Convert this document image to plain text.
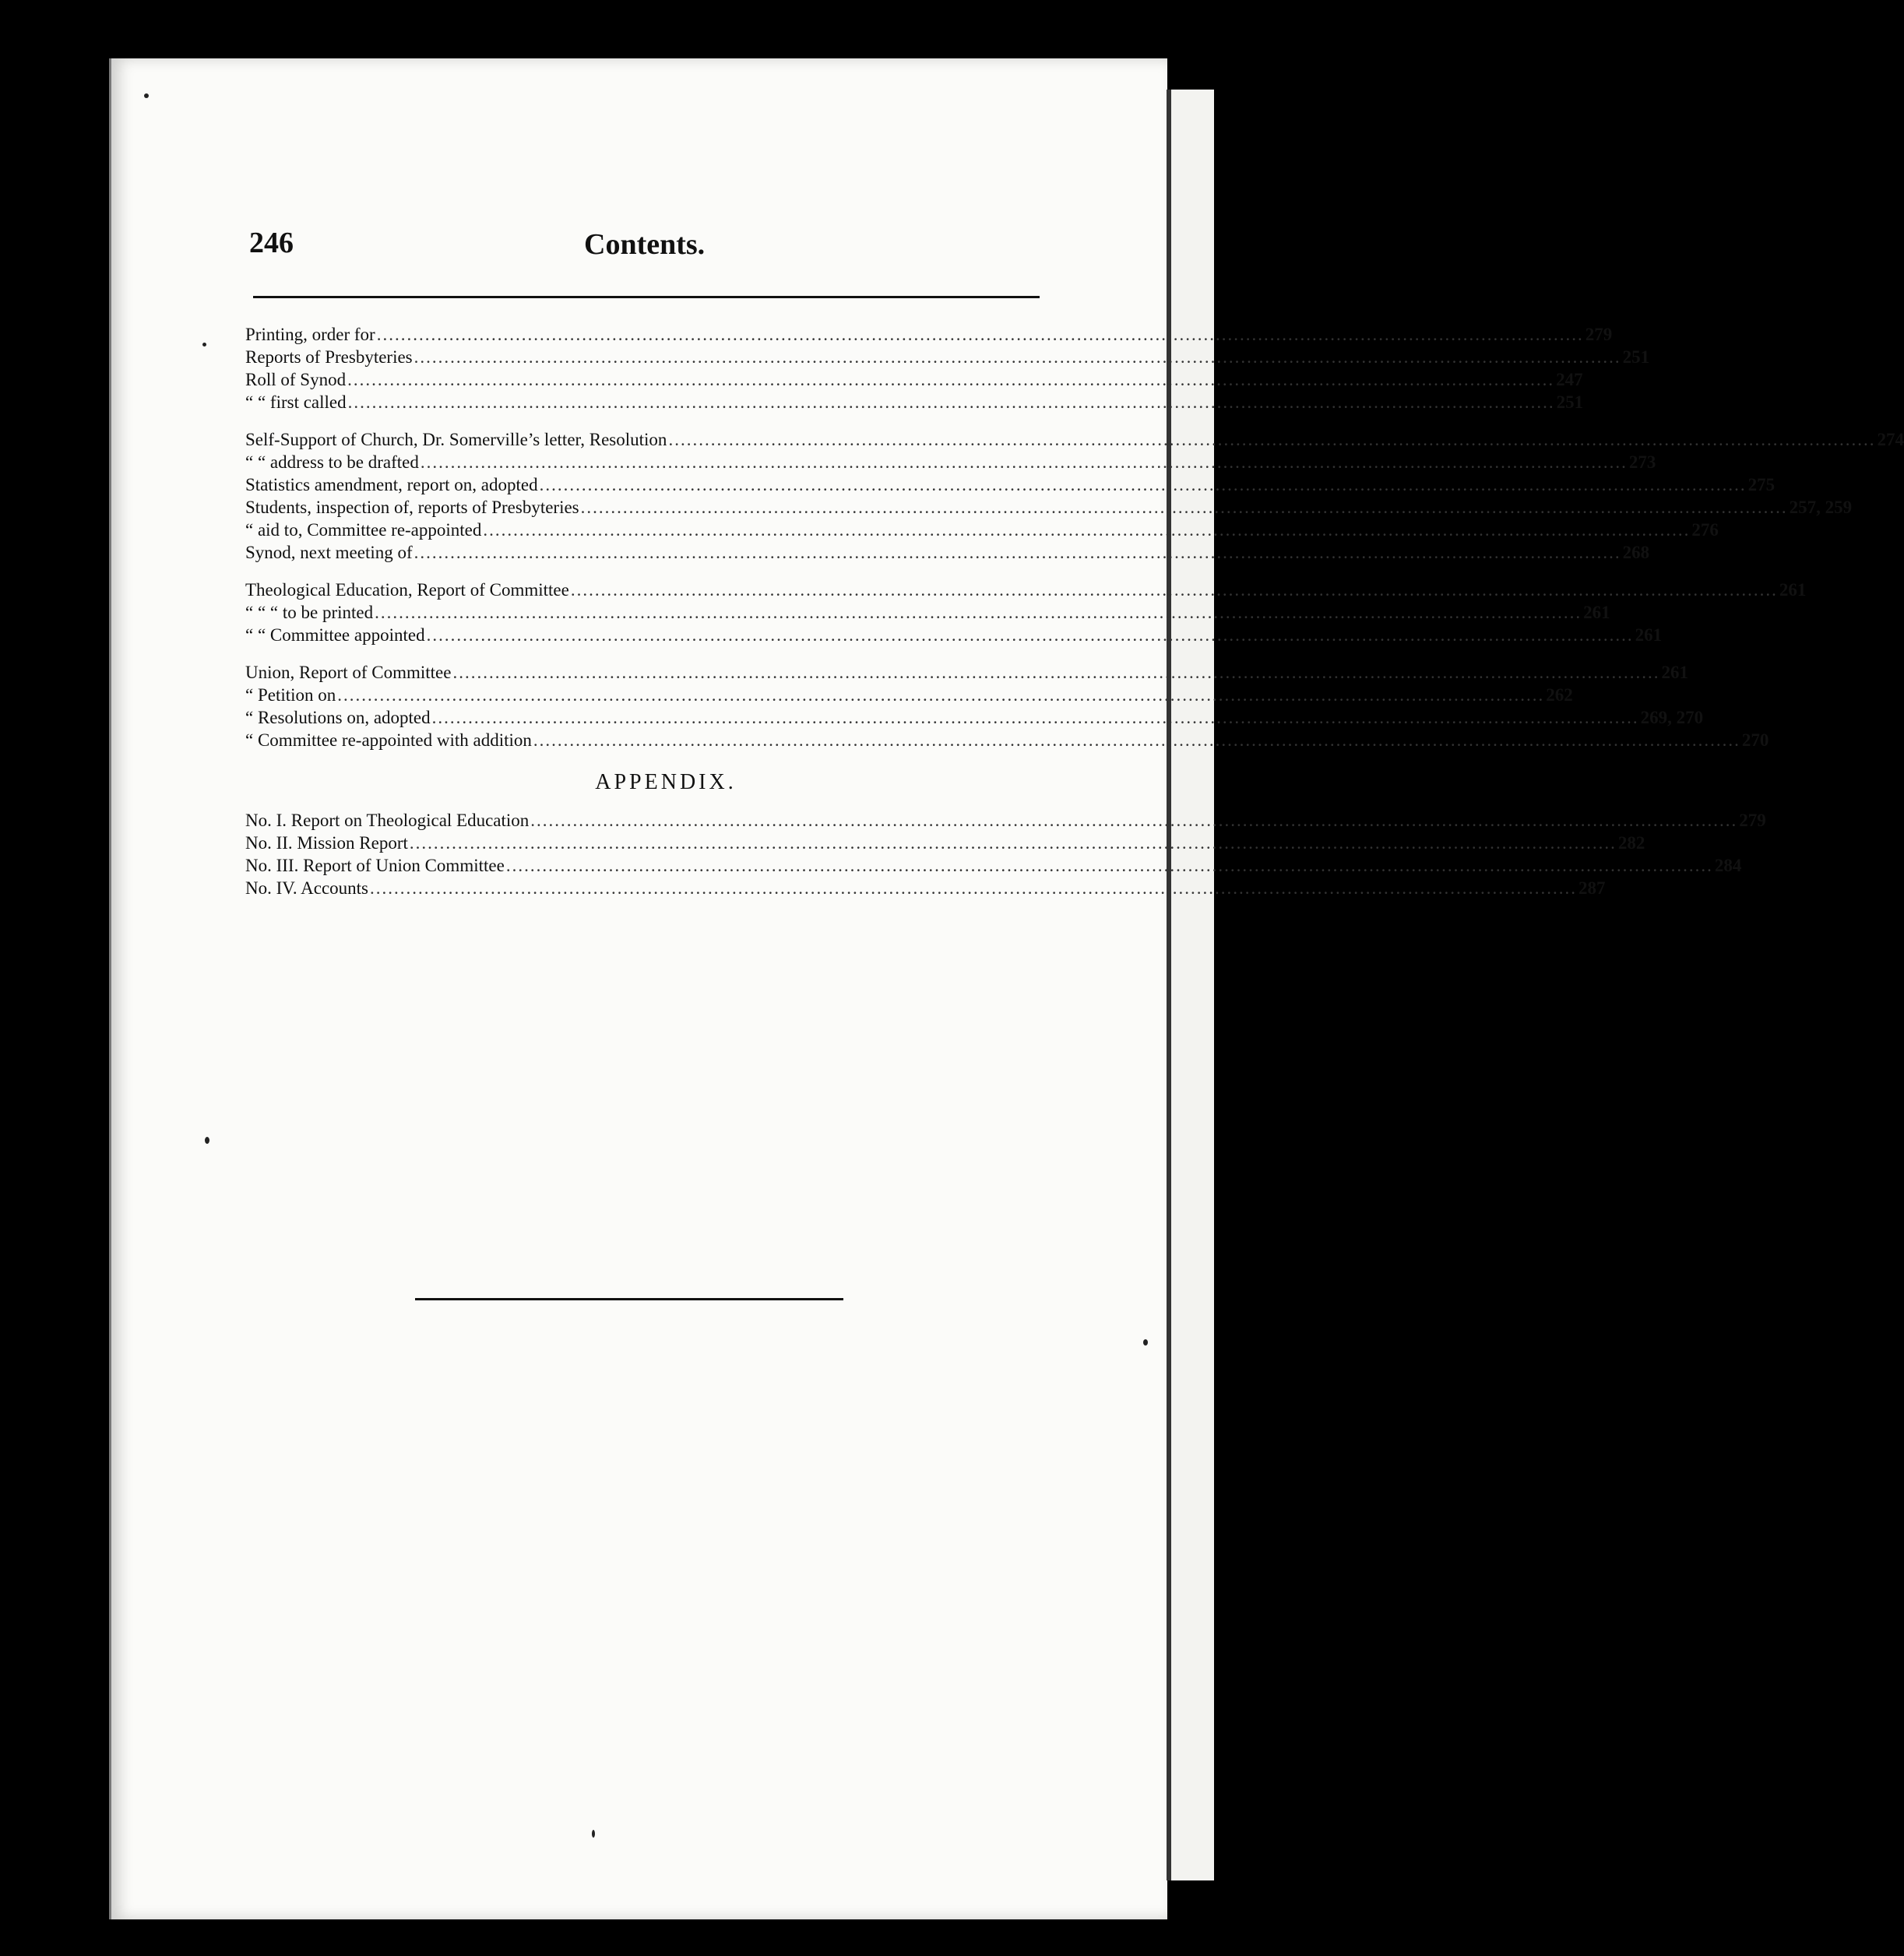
246	Contents.
Printing, order for ........................................................................................................................................................................................................ 279
Reports of Presbyteries ........................................................................................................................................................................................................ 251
Roll of Synod ........................................................................................................................................................................................................ 247
“ “ first called ........................................................................................................................................................................................................ 251
Self-Support of Church, Dr. Somerville’s letter, Resolution ........................................................................................................................................................................................................ 274
“ “ address to be drafted ........................................................................................................................................................................................................ 273
Statistics amendment, report on, adopted ........................................................................................................................................................................................................ 275
Students, inspection of, reports of Presbyteries ........................................................................................................................................................................................................ 257, 259
“ aid to, Committee re-appointed ........................................................................................................................................................................................................ 276
Synod, next meeting of ........................................................................................................................................................................................................ 268
Theological Education, Report of Committee ........................................................................................................................................................................................................ 261
“ “ “ to be printed ........................................................................................................................................................................................................ 261
“ “ Committee appointed ........................................................................................................................................................................................................ 261
Union, Report of Committee ........................................................................................................................................................................................................ 261
“ Petition on ........................................................................................................................................................................................................ 262
“ Resolutions on, adopted ........................................................................................................................................................................................................ 269, 270
“ Committee re-appointed with addition ........................................................................................................................................................................................................ 270
APPENDIX.
No. I. Report on Theological Education ........................................................................................................................................................................................................ 279
No. II. Mission Report ........................................................................................................................................................................................................ 282
No. III. Report of Union Committee ........................................................................................................................................................................................................ 284
No. IV. Accounts ........................................................................................................................................................................................................ 287
